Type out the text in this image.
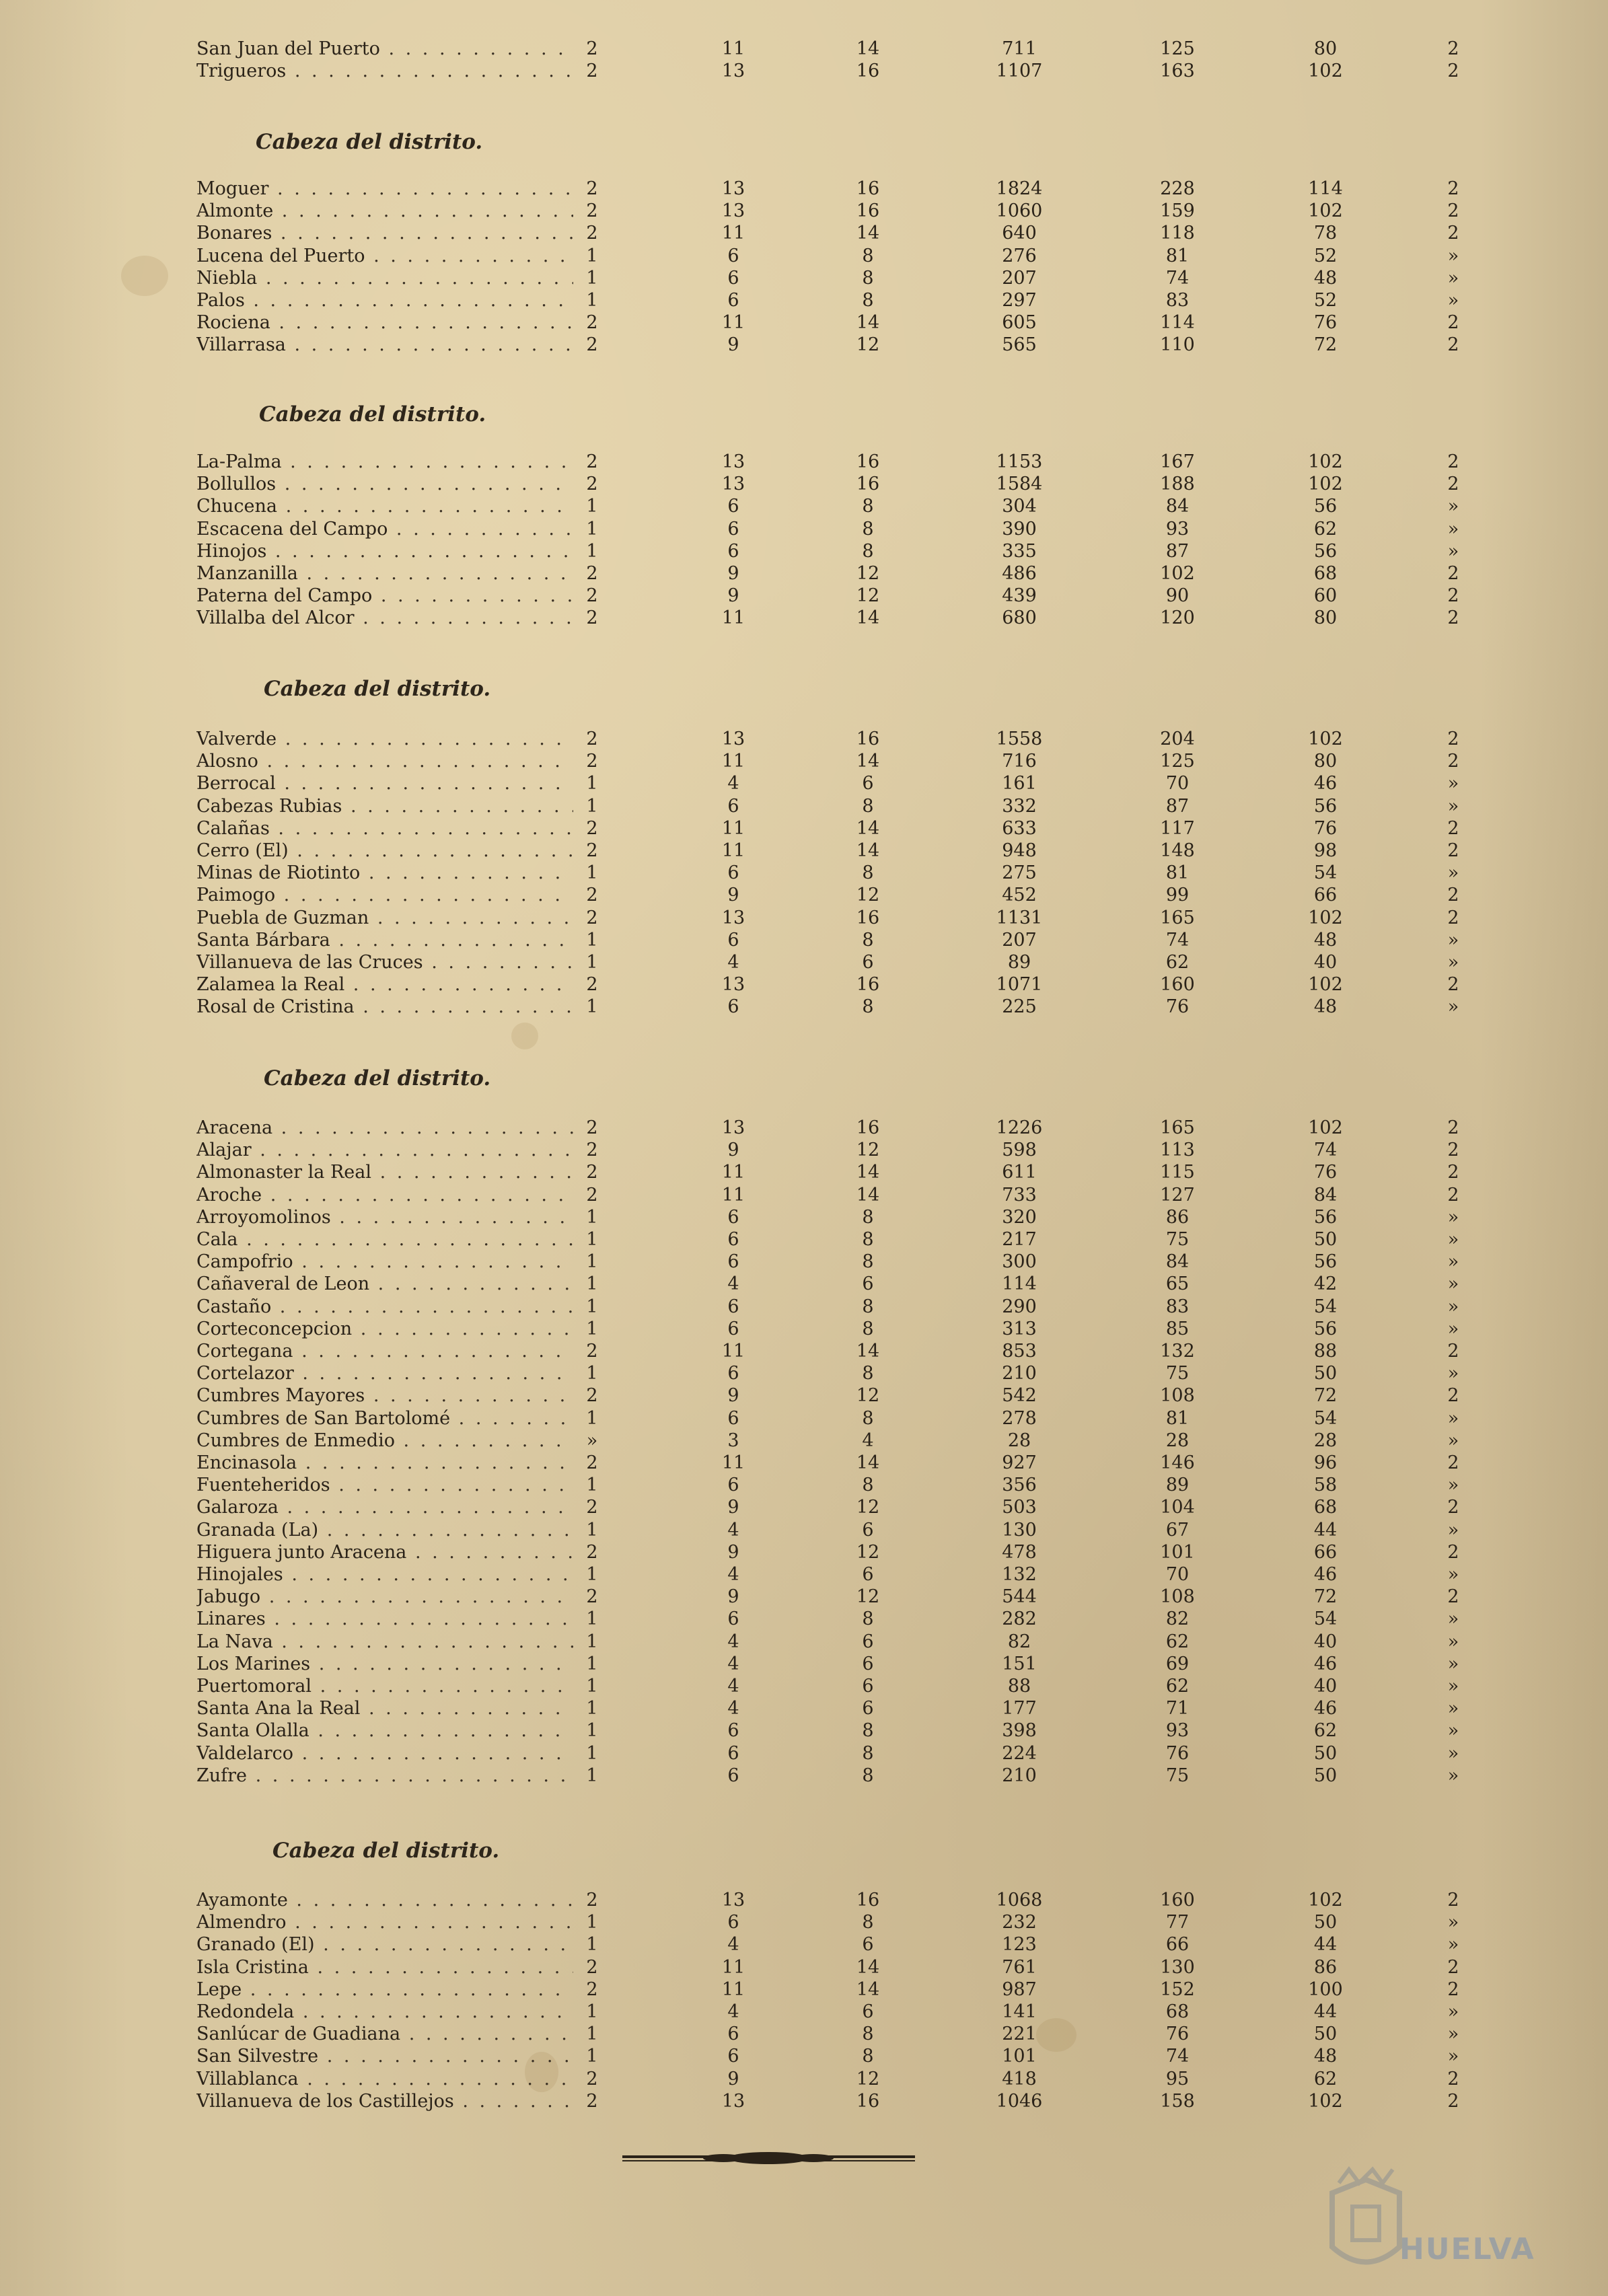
HUELVA
San Juan del Puerto . . .	2	11	14	711	125	80	2
Trigueros . . .	2	13	16	1107	163	102	2
Cabeza del distrito.
Moguer . . .	2	13	16	1824	228	114	2
Almonte . . .	2	13	16	1060	159	102	2
Bonares . . .	2	11	14	640	118	78	2
Lucena del Puerto . . .	1	6	8	276	81	52	»
Niebla . . .	1	6	8	207	74	48	»
Palos . . .	1	6	8	297	83	52	»
Rociena . . .	2	11	14	605	114	76	2
Villarrasa . . .	2	9	12	565	110	72	2
Cabeza del distrito.
La-Palma . . .	2	13	16	1153	167	102	2
Bollullos . . .	2	13	16	1584	188	102	2
Chucena . . .	1	6	8	304	84	56	»
Escacena del Campo . . .	1	6	8	390	93	62	»
Hinojos . . .	1	6	8	335	87	56	»
Manzanilla . . .	2	9	12	486	102	68	2
Paterna del Campo . . .	2	9	12	439	90	60	2
Villalba del Alcor . . .	2	11	14	680	120	80	2
Cabeza del distrito.
Valverde . . .	2	13	16	1558	204	102	2
Alosno . . .	2	11	14	716	125	80	2
Berrocal . . .	1	4	6	161	70	46	»
Cabezas Rubias . . .	1	6	8	332	87	56	»
Calañas . . .	2	11	14	633	117	76	2
Cerro (El) . . .	2	11	14	948	148	98	2
Minas de Riotinto . . .	1	6	8	275	81	54	»
Paimogo . . .	2	9	12	452	99	66	2
Puebla de Guzman . . .	2	13	16	1131	165	102	2
Santa Bárbara . . .	1	6	8	207	74	48	»
Villanueva de las Cruces . . .	1	4	6	89	62	40	»
Zalamea la Real . . .	2	13	16	1071	160	102	2
Rosal de Cristina . . .	1	6	8	225	76	48	»
Cabeza del distrito.
Aracena . . .	2	13	16	1226	165	102	2
Alajar . . .	2	9	12	598	113	74	2
Almonaster la Real . . .	2	11	14	611	115	76	2
Aroche . . .	2	11	14	733	127	84	2
Arroyomolinos . . .	1	6	8	320	86	56	»
Cala . . .	1	6	8	217	75	50	»
Campofrio . . .	1	6	8	300	84	56	»
Cañaveral de Leon . . .	1	4	6	114	65	42	»
Castaño . . .	1	6	8	290	83	54	»
Corteconcepcion . . .	1	6	8	313	85	56	»
Cortegana . . .	2	11	14	853	132	88	2
Cortelazor . . .	1	6	8	210	75	50	»
Cumbres Mayores . . .	2	9	12	542	108	72	2
Cumbres de San Bartolomé . . .	1	6	8	278	81	54	»
Cumbres de Enmedio . . .	»	3	4	28	28	28	»
Encinasola . . .	2	11	14	927	146	96	2
Fuenteheridos . . .	1	6	8	356	89	58	»
Galaroza . . .	2	9	12	503	104	68	2
Granada (La) . . .	1	4	6	130	67	44	»
Higuera junto Aracena . . .	2	9	12	478	101	66	2
Hinojales . . .	1	4	6	132	70	46	»
Jabugo . . .	2	9	12	544	108	72	2
Linares . . .	1	6	8	282	82	54	»
La Nava . . .	1	4	6	82	62	40	»
Los Marines . . .	1	4	6	151	69	46	»
Puertomoral . . .	1	4	6	88	62	40	»
Santa Ana la Real . . .	1	4	6	177	71	46	»
Santa Olalla . . .	1	6	8	398	93	62	»
Valdelarco . . .	1	6	8	224	76	50	»
Zufre . . .	1	6	8	210	75	50	»
Cabeza del distrito.
Ayamonte . . .	2	13	16	1068	160	102	2
Almendro . . .	1	6	8	232	77	50	»
Granado (El) . . .	1	4	6	123	66	44	»
Isla Cristina . . .	2	11	14	761	130	86	2
Lepe . . .	2	11	14	987	152	100	2
Redondela . . .	1	4	6	141	68	44	»
Sanlúcar de Guadiana . . .	1	6	8	221	76	50	»
San Silvestre . . .	1	6	8	101	74	48	»
Villablanca . . .	2	9	12	418	95	62	2
Villanueva de los Castillejos . . .	2	13	16	1046	158	102	2
